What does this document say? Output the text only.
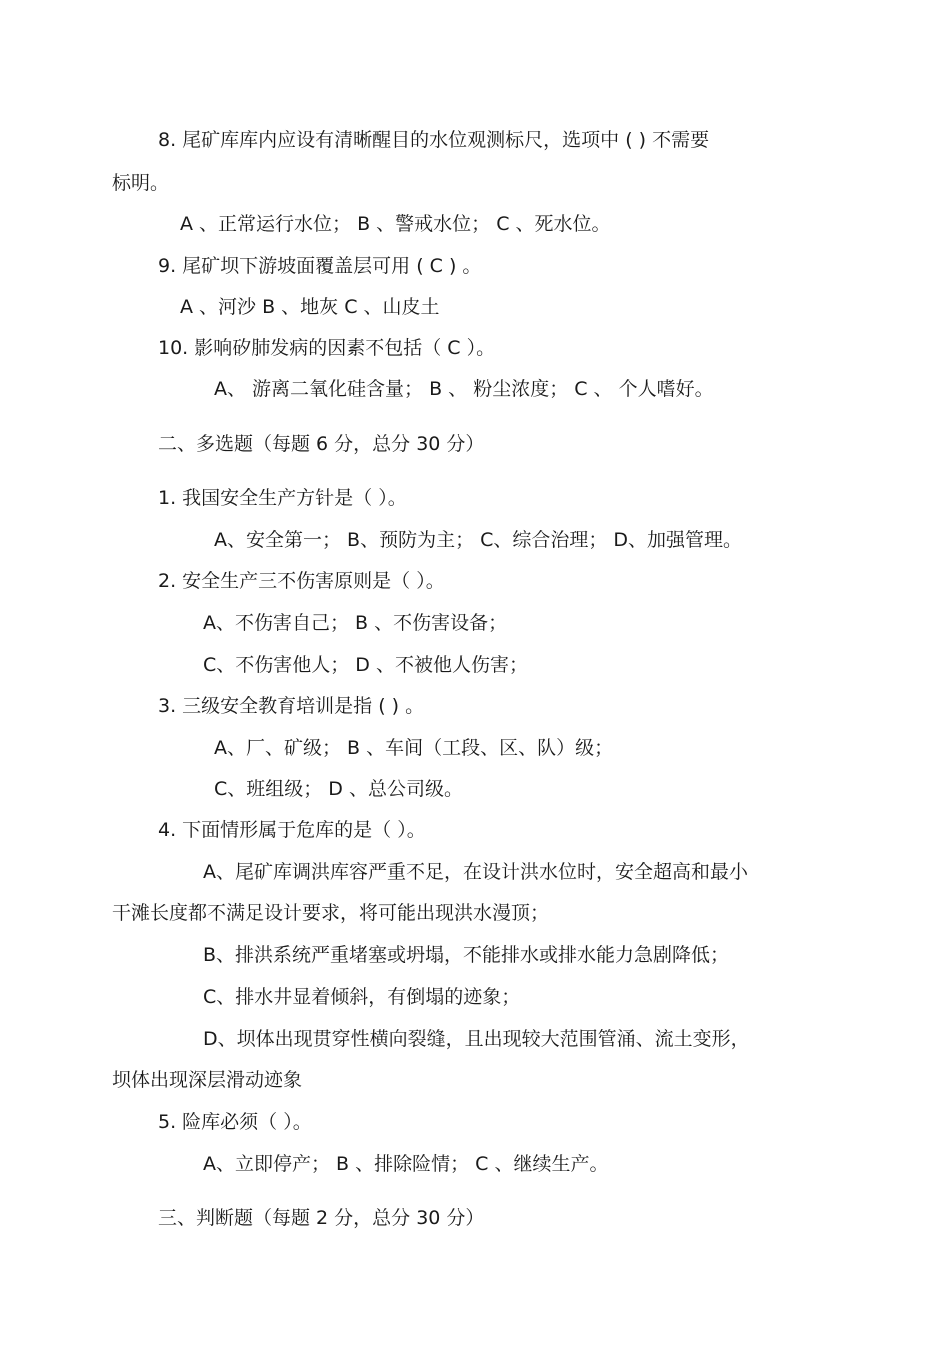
8. 尾矿库库内应设有清晰醒目的水位观测标尺，选项中 ( ) 不需要
标明。
A 、正常运行水位； B 、警戒水位； C 、死水位。
9. 尾矿坝下游坡面覆盖层可用 ( C ) 。
A 、河沙 B 、地灰 C 、山皮土
10. 影响矽肺发病的因素不包括（ C ）。
A、 游离二氧化硅含量； B 、 粉尘浓度； C 、 个人嗜好。
二、多选题（每题 6 分，总分 30 分）
1. 我国安全生产方针是（ ）。
A、安全第一； B、预防为主； C、综合治理； D、加强管理。
2. 安全生产三不伤害原则是（ ）。
A、不伤害自己； B 、不伤害设备；
C、不伤害他人； D 、不被他人伤害；
3. 三级安全教育培训是指 ( ) 。
A、厂、矿级； B 、车间（工段、区、队）级；
C、班组级； D 、总公司级。
4. 下面情形属于危库的是（ ）。
A、尾矿库调洪库容严重不足，在设计洪水位时，安全超高和最小
干滩长度都不满足设计要求，将可能出现洪水漫顶；
B、排洪系统严重堵塞或坍塌，不能排水或排水能力急剧降低；
C、排水井显着倾斜，有倒塌的迹象；
D、坝体出现贯穿性横向裂缝，且出现较大范围管涌、流土变形，
坝体出现深层滑动迹象
5. 险库必须（ ）。
A、立即停产； B 、排除险情； C 、继续生产。
三、判断题（每题 2 分，总分 30 分）
